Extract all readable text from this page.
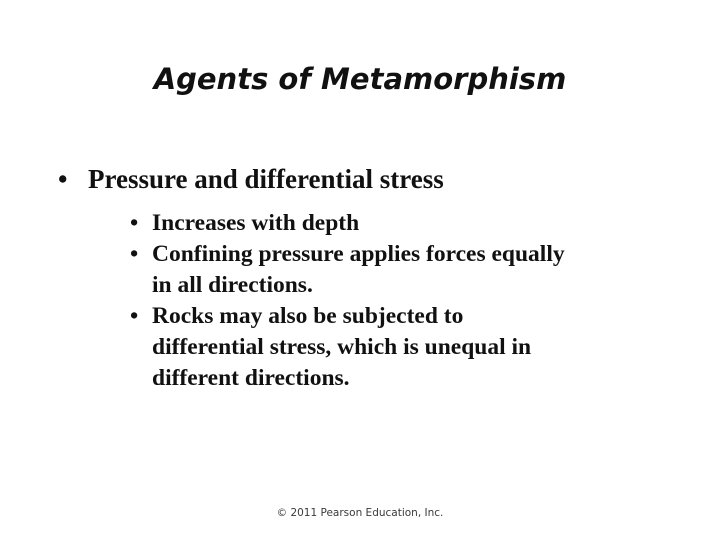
Agents of Metamorphism
• Pressure and differential stress
• Increases with depth
• Confining pressure applies forces equally
in all directions.
• Rocks may also be subjected to
differential stress, which is unequal in
different directions.
© 2011 Pearson Education, Inc.
